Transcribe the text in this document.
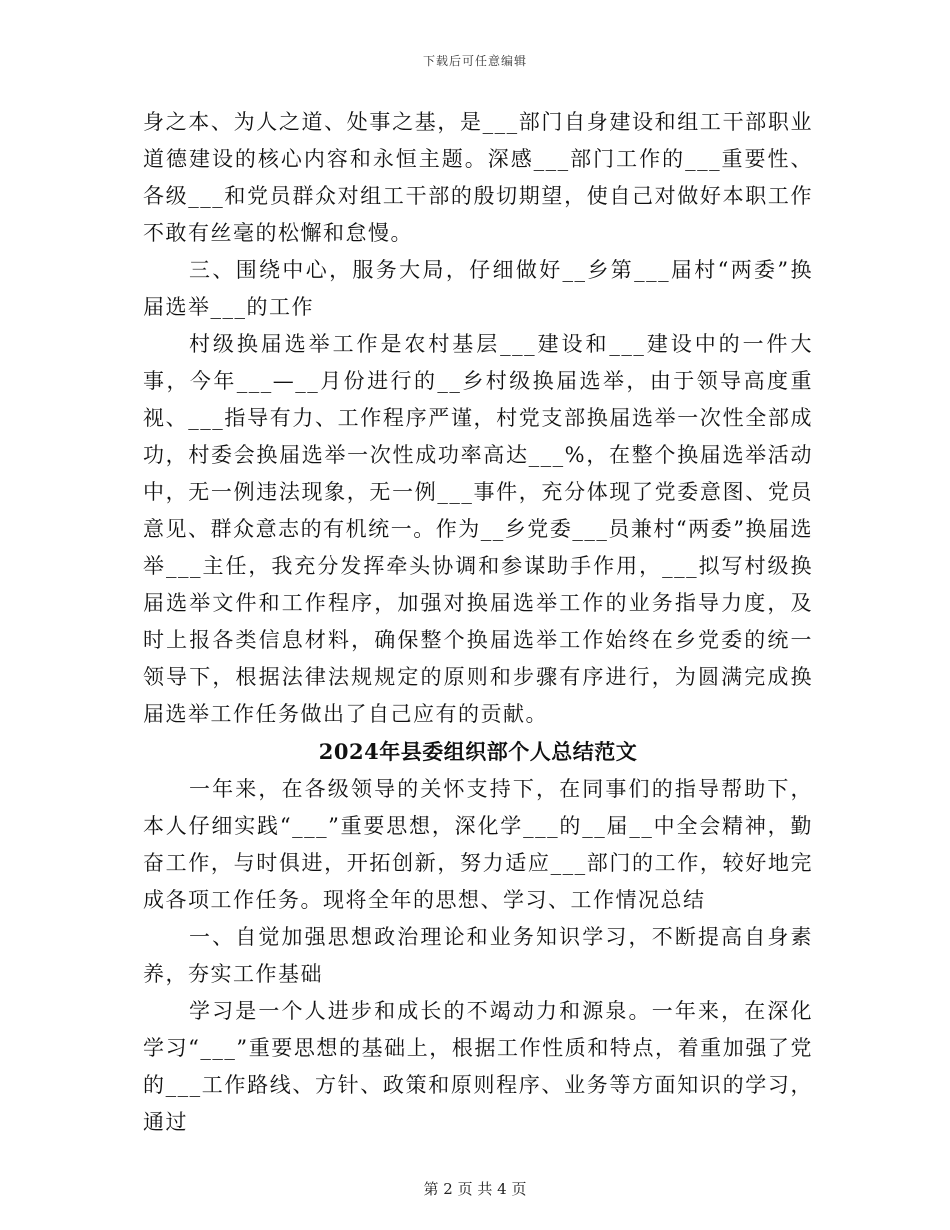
下载后可任意编辑

身之本、为人之道、处事之基，是___部门自身建设和组工干部职业道德建设的核心内容和永恒主题。深感___部门工作的___重要性、各级___和党员群众对组工干部的殷切期望，使自己对做好本职工作不敢有丝毫的松懈和怠慢。

三、围绕中心，服务大局，仔细做好__乡第___届村“两委”换届选举___的工作

村级换届选举工作是农村基层___建设和___建设中的一件大事，今年___—__月份进行的__乡村级换届选举，由于领导高度重视、___指导有力、工作程序严谨，村党支部换届选举一次性全部成功，村委会换届选举一次性成功率高达___%，在整个换届选举活动中，无一例违法现象，无一例___事件，充分体现了党委意图、党员意见、群众意志的有机统一。作为__乡党委___员兼村“两委”换届选举___主任，我充分发挥牵头协调和参谋助手作用，___拟写村级换届选举文件和工作程序，加强对换届选举工作的业务指导力度，及时上报各类信息材料，确保整个换届选举工作始终在乡党委的统一领导下，根据法律法规规定的原则和步骤有序进行，为圆满完成换届选举工作任务做出了自己应有的贡献。

2024年县委组织部个人总结范文

一年来，在各级领导的关怀支持下，在同事们的指导帮助下，本人仔细实践“___”重要思想，深化学___的__届__中全会精神，勤奋工作，与时俱进，开拓创新，努力适应___部门的工作，较好地完成各项工作任务。现将全年的思想、学习、工作情况总结

一、自觉加强思想政治理论和业务知识学习，不断提高自身素养，夯实工作基础

学习是一个人进步和成长的不竭动力和源泉。一年来，在深化学习“___”重要思想的基础上，根据工作性质和特点，着重加强了党的___工作路线、方针、政策和原则程序、业务等方面知识的学习，通过

第 2 页 共 4 页
